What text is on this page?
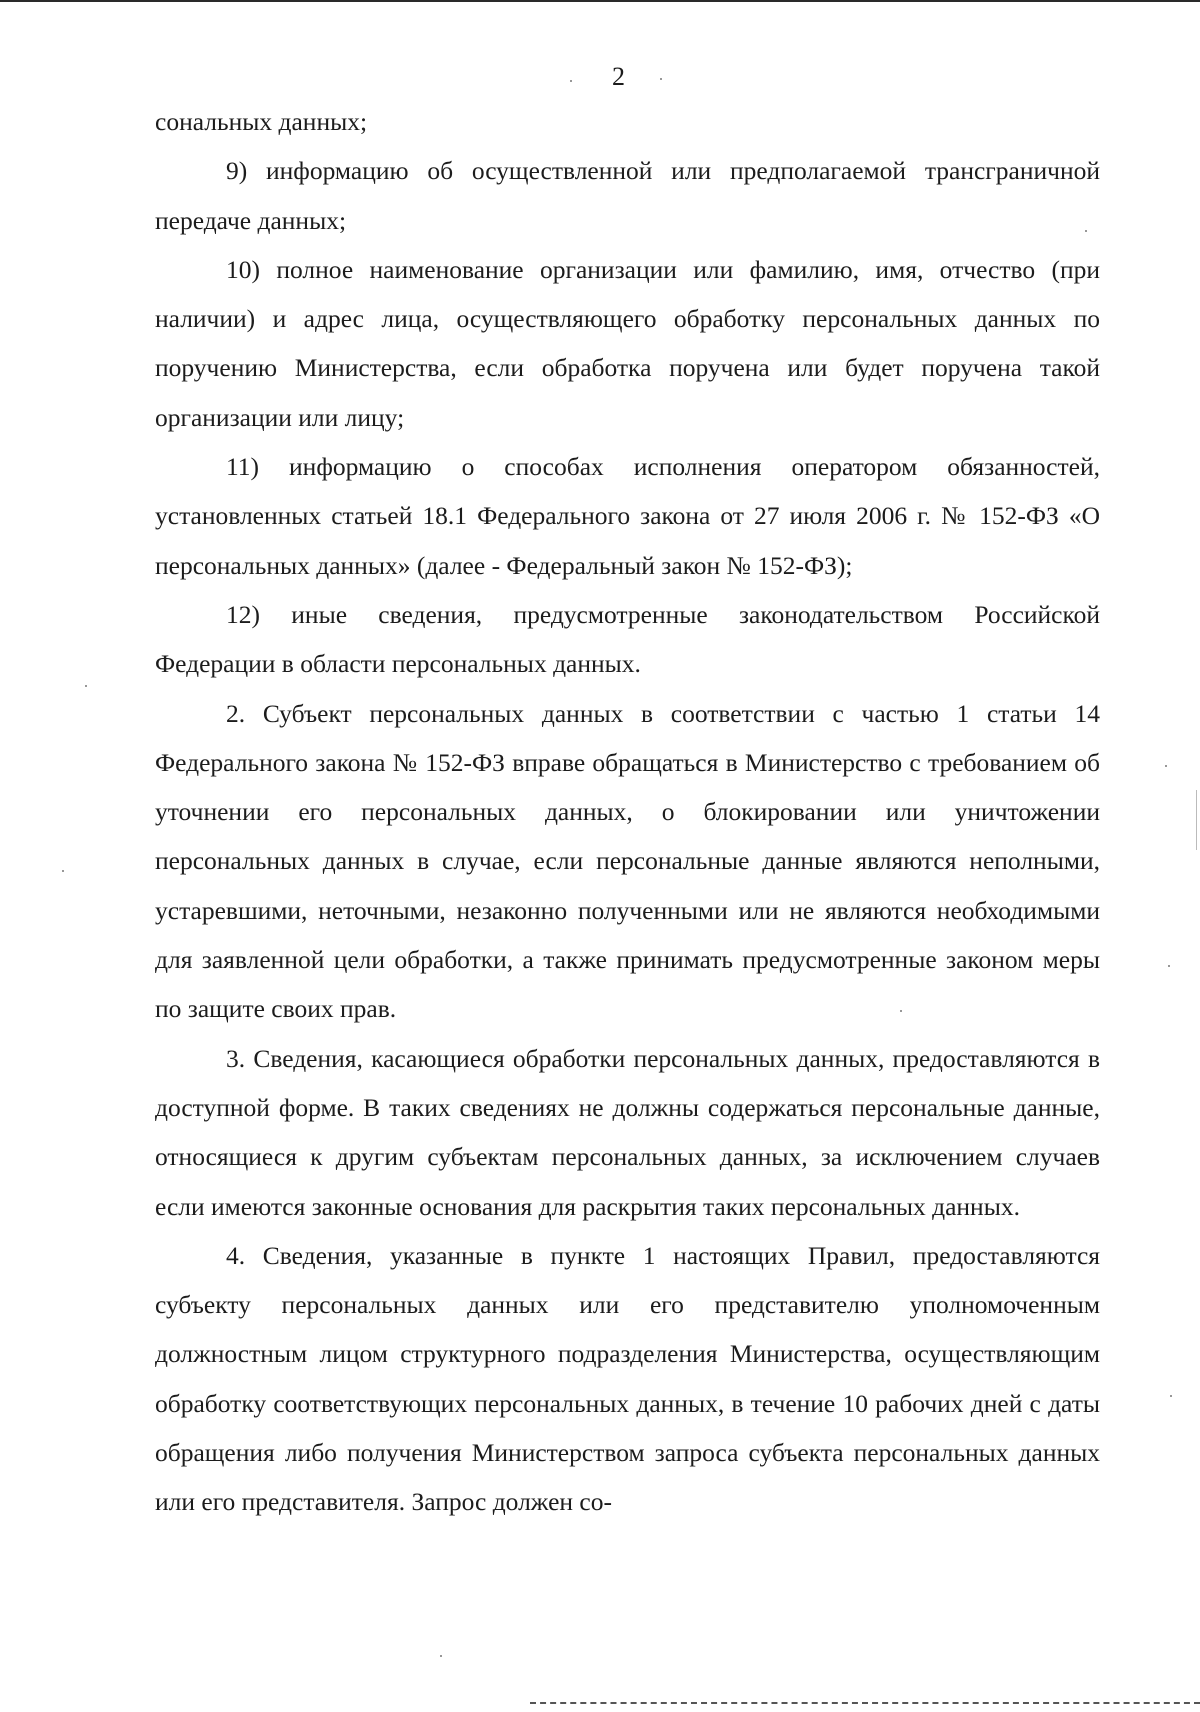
2

сональных данных;

9) информацию об осуществленной или предполагаемой трансграничной передаче данных;

10) полное наименование организации или фамилию, имя, отчество (при наличии) и адрес лица, осуществляющего обработку персональных данных по поручению Министерства, если обработка поручена или будет поручена такой организации или лицу;

11) информацию о способах исполнения оператором обязанностей, установленных статьей 18.1 Федерального закона от 27 июля 2006 г. № 152-ФЗ «О персональных данных» (далее - Федеральный закон № 152-ФЗ);

12) иные сведения, предусмотренные законодательством Российской Федерации в области персональных данных.

2. Субъект персональных данных в соответствии с частью 1 статьи 14 Федерального закона № 152-ФЗ вправе обращаться в Министерство с требованием об уточнении его персональных данных, о блокировании или уничтожении персональных данных в случае, если персональные данные являются неполными, устаревшими, неточными, незаконно полученными или не являются необходимыми для заявленной цели обработки, а также принимать предусмотренные законом меры по защите своих прав.

3. Сведения, касающиеся обработки персональных данных, предоставляются в доступной форме. В таких сведениях не должны содержаться персональные данные, относящиеся к другим субъектам персональных данных, за исключением случаев если имеются законные основания для раскрытия таких персональных данных.

4. Сведения, указанные в пункте 1 настоящих Правил, предоставляются субъекту персональных данных или его представителю уполномоченным должностным лицом структурного подразделения Министерства, осуществляющим обработку соответствующих персональных данных, в течение 10 рабочих дней с даты обращения либо получения Министерством запроса субъекта персональных данных или его представителя. Запрос должен со-
